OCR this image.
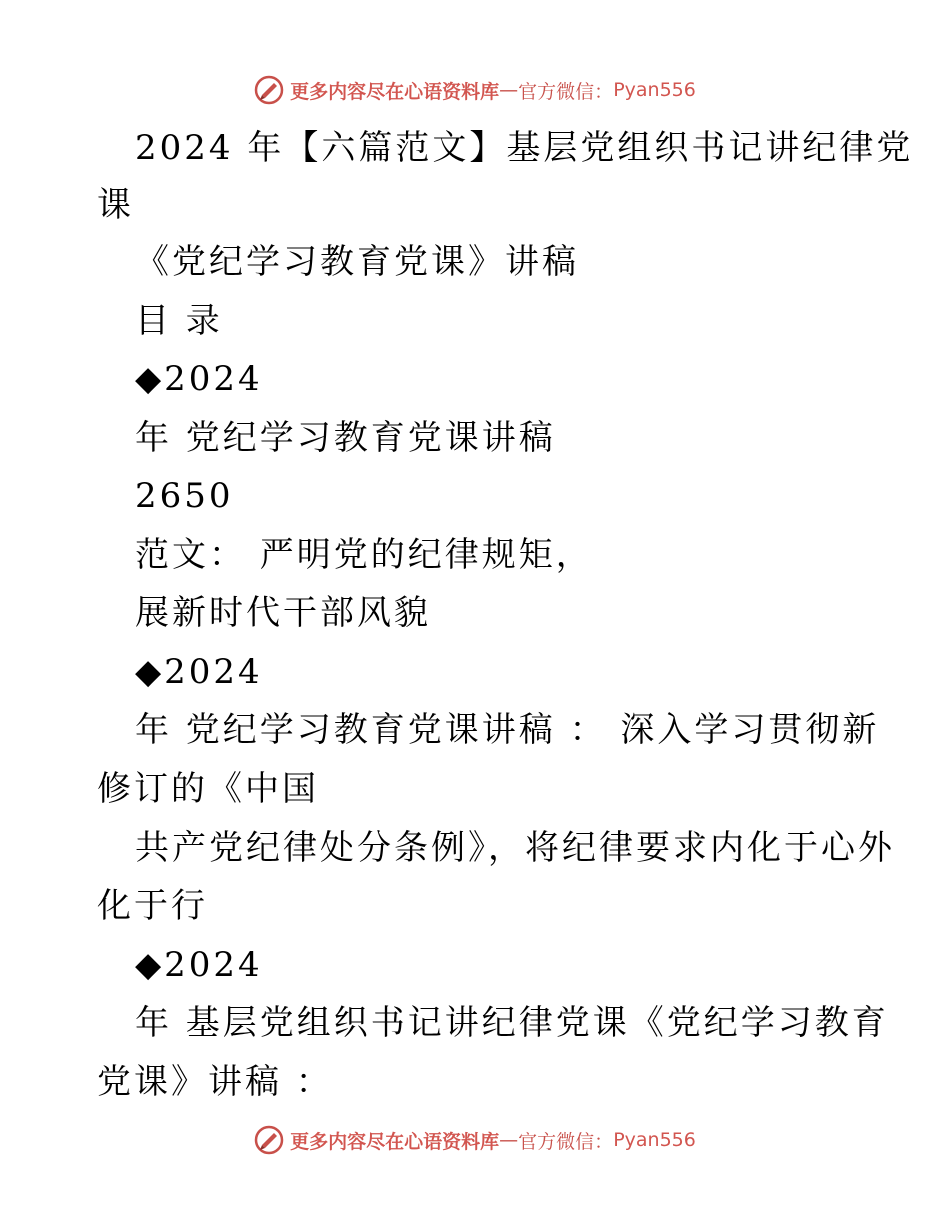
更多内容尽在心语资料库 — 官方微信： Pyan556
2024 年【六篇范文】基层党组织书记讲纪律党
课
《党纪学习教育党课》讲稿
目 录
◆2024
年 党纪学习教育党课讲稿
2650
范文： 严明党的纪律规矩，
展新时代干部风貌
◆2024
年 党纪学习教育党课讲稿 ： 深入学习贯彻新
修订的《中国
共产党纪律处分条例》，将纪律要求内化于心外
化于行
◆2024
年 基层党组织书记讲纪律党课《党纪学习教育
党课》讲稿 ：
更多内容尽在心语资料库 — 官方微信： Pyan556
